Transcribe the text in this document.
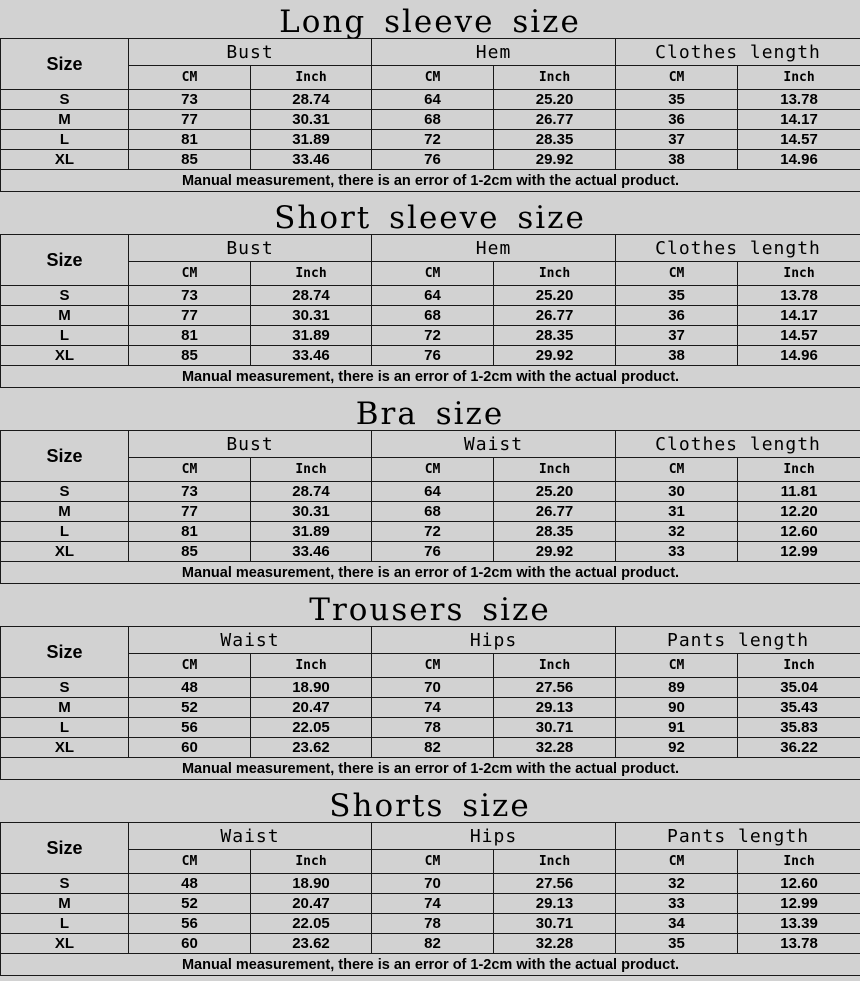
Long sleeve size
Size	Bust		Hem		Clothes length	
	CM	Inch	CM	Inch	CM	Inch
S	73	28.74	64	25.20	35	13.78
M	77	30.31	68	26.77	36	14.17
L	81	31.89	72	28.35	37	14.57
XL	85	33.46	76	29.92	38	14.96
Manual measurement, there is an error of 1-2cm with the actual product.						
Short sleeve size
Size	Bust		Hem		Clothes length	
	CM	Inch	CM	Inch	CM	Inch
S	73	28.74	64	25.20	35	13.78
M	77	30.31	68	26.77	36	14.17
L	81	31.89	72	28.35	37	14.57
XL	85	33.46	76	29.92	38	14.96
Manual measurement, there is an error of 1-2cm with the actual product.						
Bra size
Size	Bust		Waist		Clothes length	
	CM	Inch	CM	Inch	CM	Inch
S	73	28.74	64	25.20	30	11.81
M	77	30.31	68	26.77	31	12.20
L	81	31.89	72	28.35	32	12.60
XL	85	33.46	76	29.92	33	12.99
Manual measurement, there is an error of 1-2cm with the actual product.						
Trousers size
Size	Waist		Hips		Pants length	
	CM	Inch	CM	Inch	CM	Inch
S	48	18.90	70	27.56	89	35.04
M	52	20.47	74	29.13	90	35.43
L	56	22.05	78	30.71	91	35.83
XL	60	23.62	82	32.28	92	36.22
Manual measurement, there is an error of 1-2cm with the actual product.						
Shorts size
Size	Waist		Hips		Pants length	
	CM	Inch	CM	Inch	CM	Inch
S	48	18.90	70	27.56	32	12.60
M	52	20.47	74	29.13	33	12.99
L	56	22.05	78	30.71	34	13.39
XL	60	23.62	82	32.28	35	13.78
Manual measurement, there is an error of 1-2cm with the actual product.						
